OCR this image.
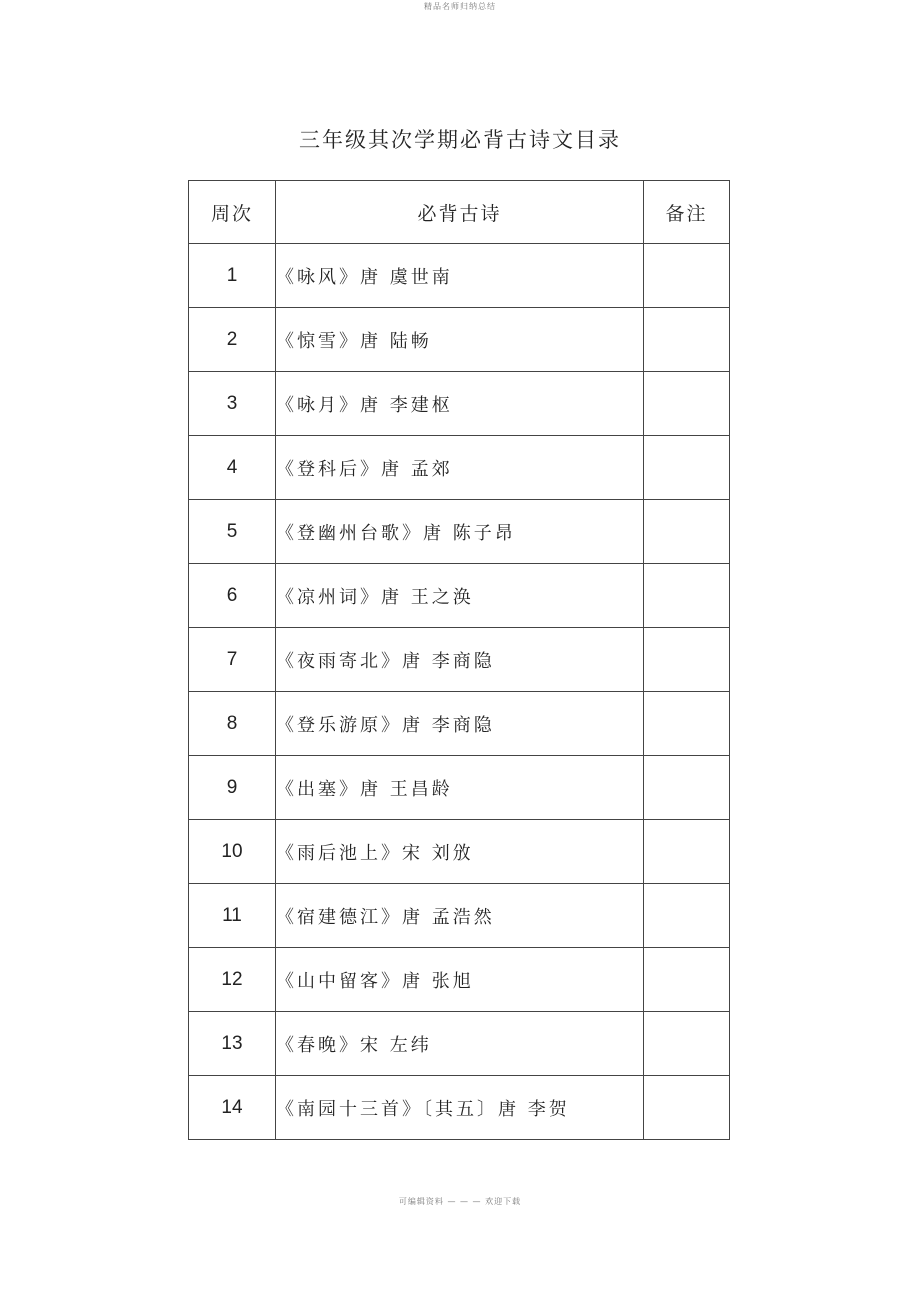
精品名师归纳总结
三年级其次学期必背古诗文目录
周次	必背古诗	备注
1	《咏风》唐 虞世南	
2	《惊雪》唐 陆畅	
3	《咏月》唐 李建枢	
4	《登科后》唐 孟郊	
5	《登幽州台歌》唐 陈子昂	
6	《凉州词》唐 王之涣	
7	《夜雨寄北》唐 李商隐	
8	《登乐游原》唐 李商隐	
9	《出塞》唐 王昌龄	
10	《雨后池上》宋 刘攽	
11	《宿建德江》唐 孟浩然	
12	《山中留客》唐 张旭	
13	《春晚》宋 左纬	
14	《南园十三首》〔其五〕唐 李贺	
可编辑资料 — — — 欢迎下载
